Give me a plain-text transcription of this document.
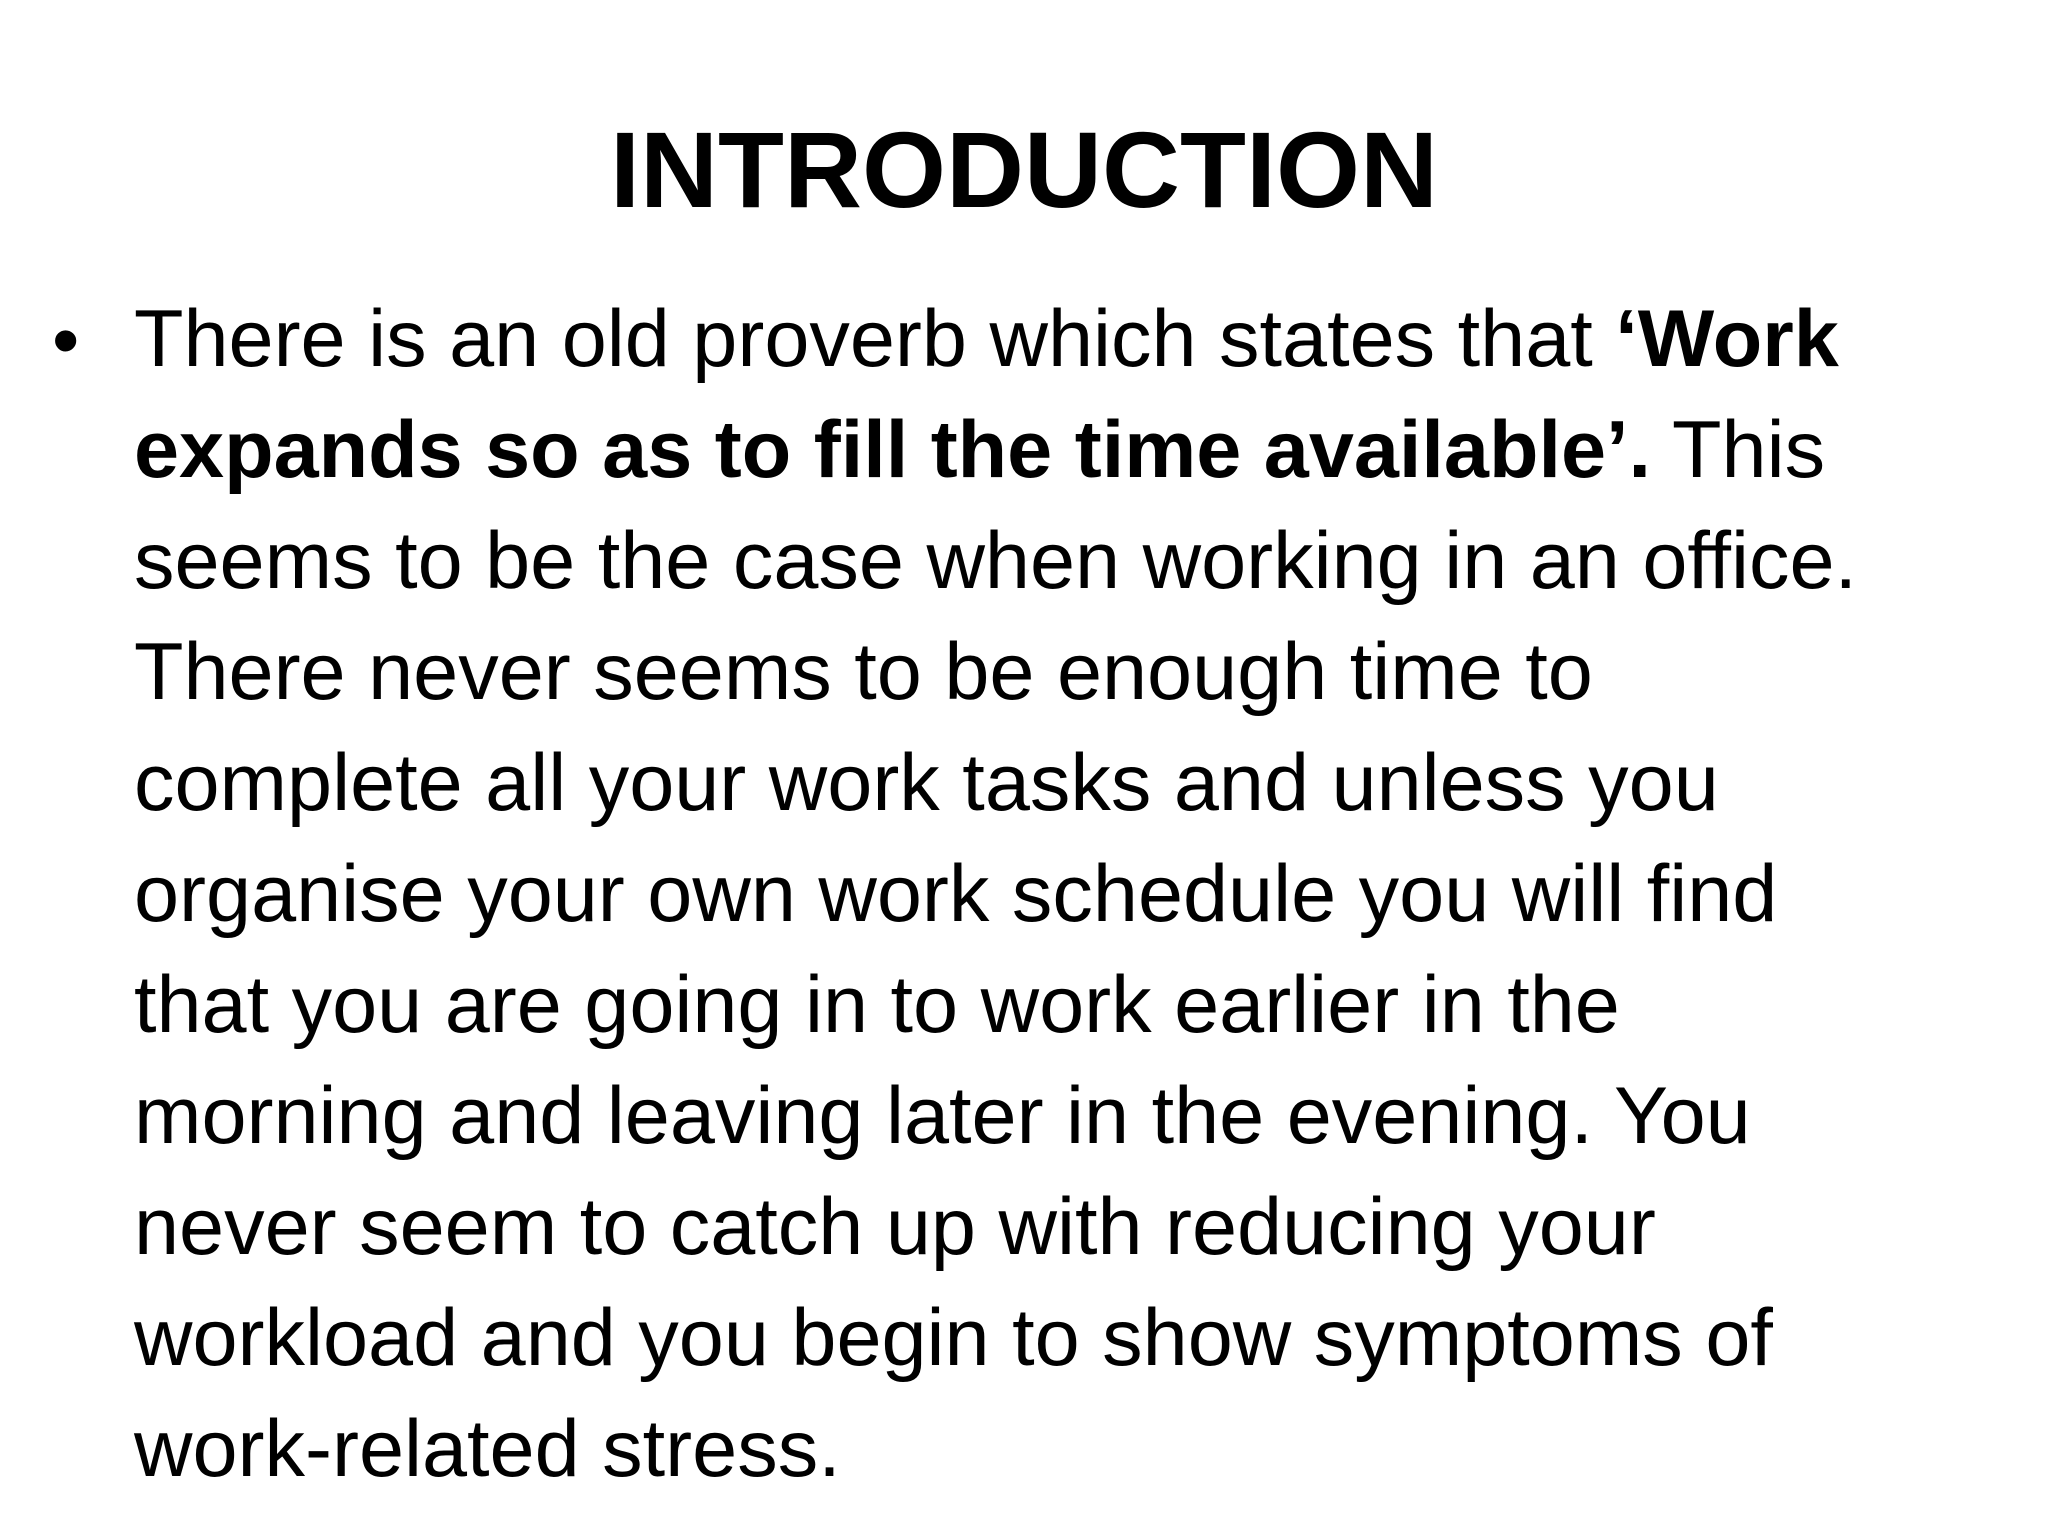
INTRODUCTION
• There is an old proverb which states that ‘Work
expands so as to fill the time available’. This
seems to be the case when working in an office.
There never seems to be enough time to
complete all your work tasks and unless you
organise your own work schedule you will find
that you are going in to work earlier in the
morning and leaving later in the evening. You
never seem to catch up with reducing your
workload and you begin to show symptoms of
work-related stress.
